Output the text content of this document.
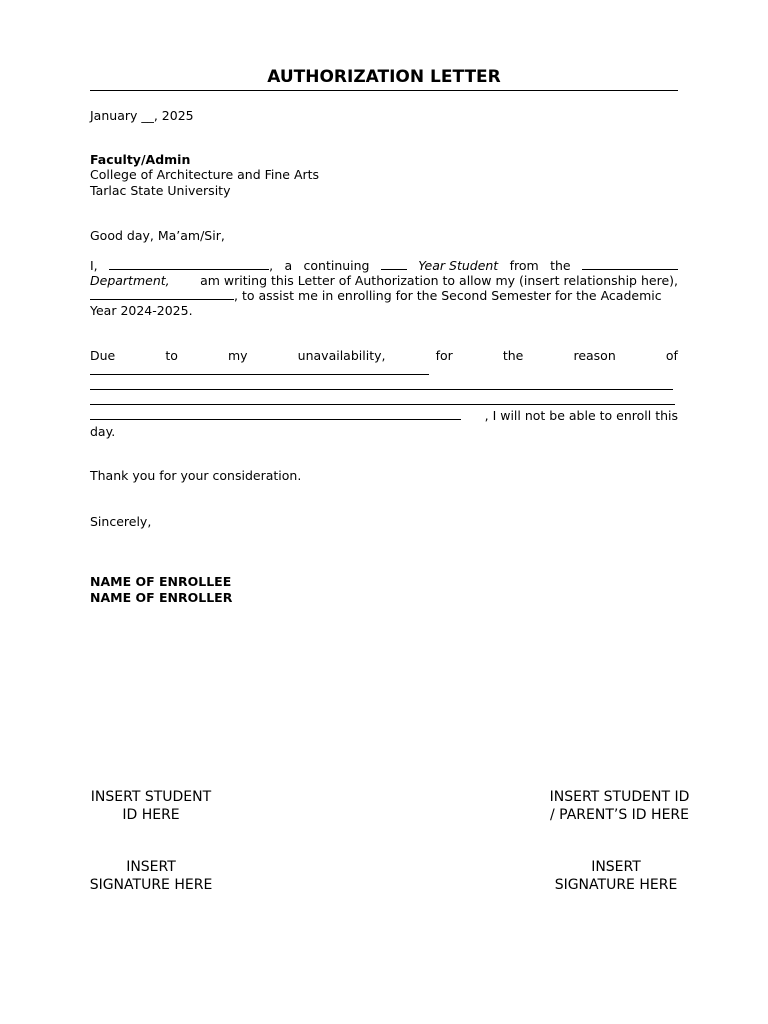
AUTHORIZATION LETTER
January __, 2025
Faculty/Admin
College of Architecture and Fine Arts
Tarlac State University
Good day, Ma’am/Sir,
I,	, a continuing	Year Student from the
Department, am writing this Letter of Authorization to allow my (insert relationship here),
, to assist me in enrolling for the Second Semester for the Academic
Year 2024-2025.
Due	to	my	unavailability,	for	the	reason	of
, I will not be able to enroll this
day.
Thank you for your consideration.
Sincerely,
NAME OF ENROLLEE
NAME OF ENROLLER
INSERT STUDENT
ID HERE
INSERT STUDENT ID
/ PARENT’S ID HERE
INSERT
SIGNATURE HERE
INSERT
SIGNATURE HERE
